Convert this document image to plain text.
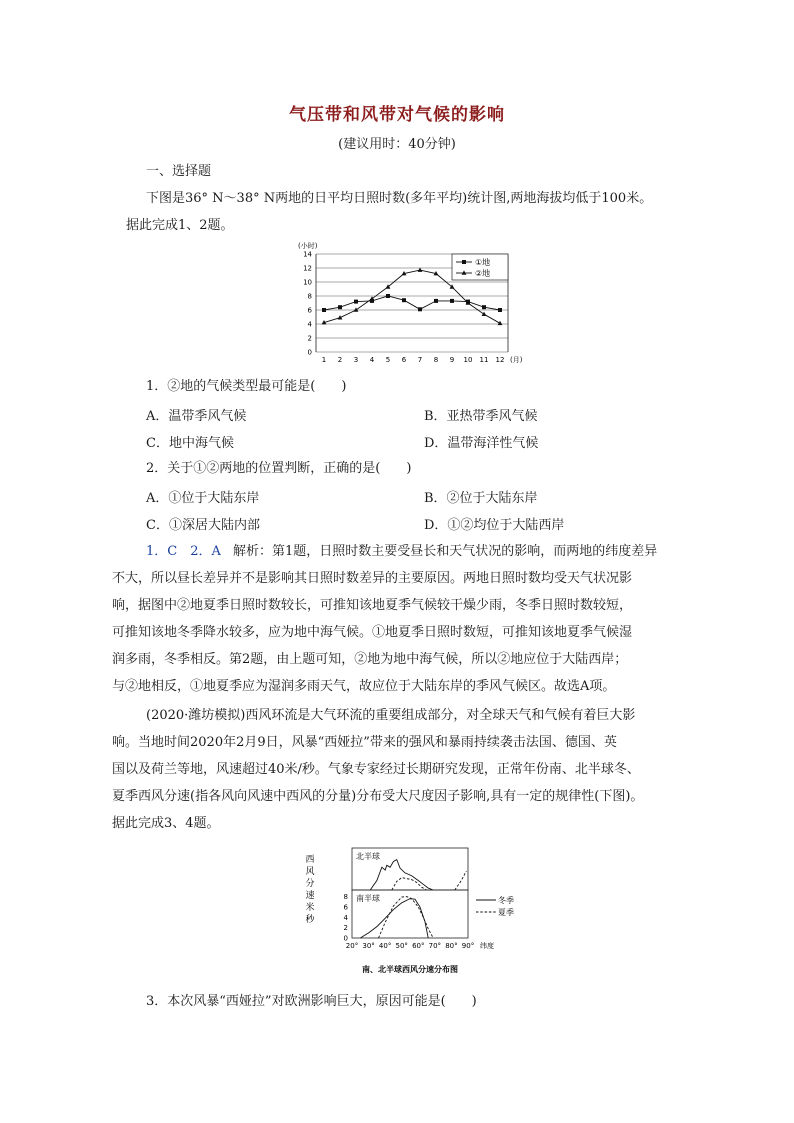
气压带和风带对气候的影响
(建议用时：40分钟)
一、选择题
下图是36° N～38° N两地的日平均日照时数(多年平均)统计图,两地海拔均低于100米。
据此完成1、2题。
(小时)
0
2
4
6
8
10
12
14
1 2 3 4 5 6 7 8 9 10 11 12 (月)
①地
②地
1．②地的气候类型最可能是(　　)
A．温带季风气候	B．亚热带季风气候
C．地中海气候	D．温带海洋性气候
2．关于①②两地的位置判断，正确的是(　　)
A．①位于大陆东岸	B．②位于大陆东岸
C．①深居大陆内部	D．①②均位于大陆西岸
1．C　2．A 解析：第1题，日照时数主要受昼长和天气状况的影响，而两地的纬度差异
不大，所以昼长差异并不是影响其日照时数差异的主要原因。两地日照时数均受天气状况影
响，据图中②地夏季日照时数较长，可推知该地夏季气候较干燥少雨，冬季日照时数较短，
可推知该地冬季降水较多，应为地中海气候。①地夏季日照时数短，可推知该地夏季气候湿
润多雨，冬季相反。第2题，由上题可知，②地为地中海气候，所以②地应位于大陆西岸；
与②地相反，①地夏季应为湿润多雨天气，故应位于大陆东岸的季风气候区。故选A项。
(2020·潍坊模拟)西风环流是大气环流的重要组成部分，对全球天气和气候有着巨大影
响。当地时间2020年2月9日，风暴“西娅拉”带来的强风和暴雨持续袭击法国、德国、英
国以及荷兰等地，风速超过40米/秒。气象专家经过长期研究发现，正常年份南、北半球冬、
夏季西风分速(指各风向风速中西风的分量)分布受大尺度因子影响,具有一定的规律性(下图)。
据此完成3、4题。
西
风
分
速
米
秒
北半球
南半球
0
2
4
6
8
20° 30° 40° 50° 60° 70° 80° 90° 纬度
冬季
夏季
南、北半球西风分速分布图
3．本次风暴“西娅拉”对欧洲影响巨大，原因可能是(　　)
